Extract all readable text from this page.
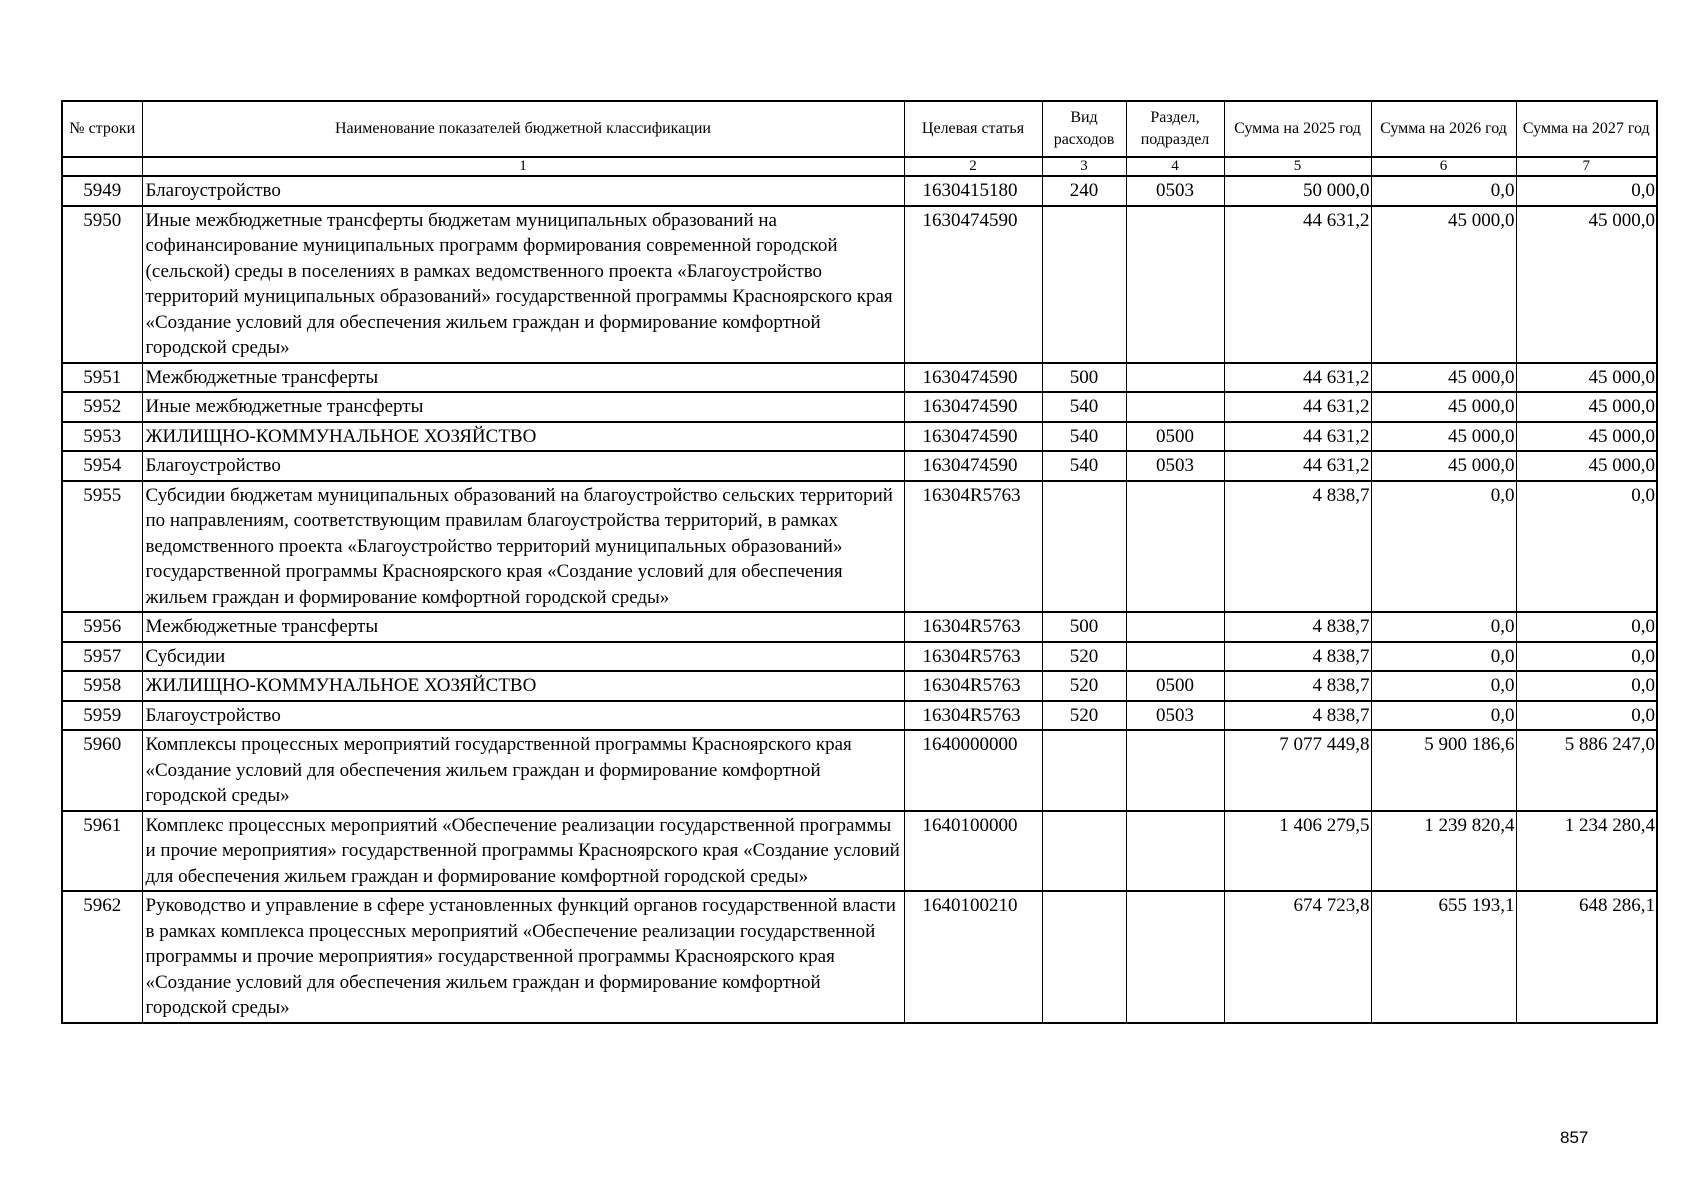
№ строки	Наименование показателей бюджетной классификации	Целевая статья	Вид расходов	Раздел, подраздел	Сумма на 2025 год	Сумма на 2026 год	Сумма на 2027 год
	1	2	3	4	5	6	7
5949	Благоустройство	1630415180	240	0503	50 000,0	0,0	0,0
5950	Иные межбюджетные трансферты бюджетам муниципальных образований на софинансирование муниципальных программ формирования современной городской (сельской) среды в поселениях в рамках ведомственного проекта «Благоустройство территорий муниципальных образований» государственной программы Красноярского края «Создание условий для обеспечения жильем граждан и формирование комфортной городской среды»	1630474590			44 631,2	45 000,0	45 000,0
5951	Межбюджетные трансферты	1630474590	500		44 631,2	45 000,0	45 000,0
5952	Иные межбюджетные трансферты	1630474590	540		44 631,2	45 000,0	45 000,0
5953	ЖИЛИЩНО-КОММУНАЛЬНОЕ ХОЗЯЙСТВО	1630474590	540	0500	44 631,2	45 000,0	45 000,0
5954	Благоустройство	1630474590	540	0503	44 631,2	45 000,0	45 000,0
5955	Субсидии бюджетам муниципальных образований на благоустройство сельских территорий по направлениям, соответствующим правилам благоустройства территорий, в рамках ведомственного проекта «Благоустройство территорий муниципальных образований» государственной программы Красноярского края «Создание условий для обеспечения жильем граждан и формирование комфортной городской среды»	16304R5763			4 838,7	0,0	0,0
5956	Межбюджетные трансферты	16304R5763	500		4 838,7	0,0	0,0
5957	Субсидии	16304R5763	520		4 838,7	0,0	0,0
5958	ЖИЛИЩНО-КОММУНАЛЬНОЕ ХОЗЯЙСТВО	16304R5763	520	0500	4 838,7	0,0	0,0
5959	Благоустройство	16304R5763	520	0503	4 838,7	0,0	0,0
5960	Комплексы процессных мероприятий государственной программы Красноярского края «Создание условий для обеспечения жильем граждан и формирование комфортной городской среды»	1640000000			7 077 449,8	5 900 186,6	5 886 247,0
5961	Комплекс процессных мероприятий «Обеспечение реализации государственной программы и прочие мероприятия» государственной программы Красноярского края «Создание условий для обеспечения жильем граждан и формирование комфортной городской среды»	1640100000			1 406 279,5	1 239 820,4	1 234 280,4
5962	Руководство и управление в сфере установленных функций органов государственной власти в рамках комплекса процессных мероприятий «Обеспечение реализации государственной программы и прочие мероприятия» государственной программы Красноярского края «Создание условий для обеспечения жильем граждан и формирование комфортной городской среды»	1640100210			674 723,8	655 193,1	648 286,1
857
